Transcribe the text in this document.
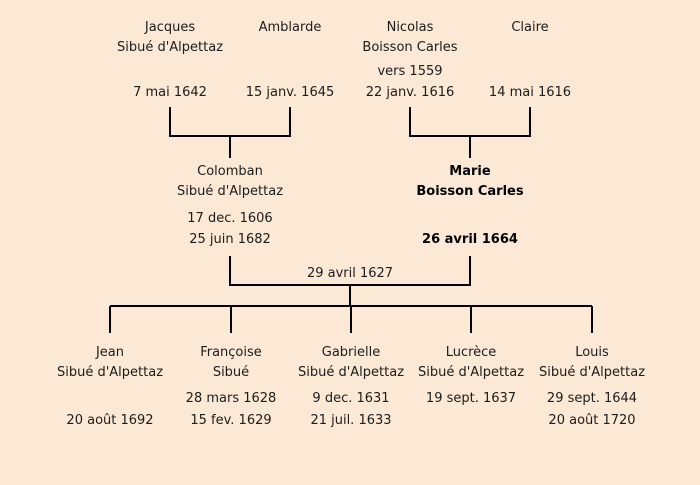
Jacques
Sibué d'Alpettaz
7 mai 1642
Amblarde
15 janv. 1645
Nicolas
Boisson Carles
vers 1559
22 janv. 1616
Claire
14 mai 1616
Colomban
Sibué d'Alpettaz
17 dec. 1606
25 juin 1682
Marie
Boisson Carles
26 avril 1664
29 avril 1627
Jean
Sibué d'Alpettaz
20 août 1692
Françoise
Sibué
28 mars 1628
15 fev. 1629
Gabrielle
Sibué d'Alpettaz
9 dec. 1631
21 juil. 1633
Lucrèce
Sibué d'Alpettaz
19 sept. 1637
Louis
Sibué d'Alpettaz
29 sept. 1644
20 août 1720
